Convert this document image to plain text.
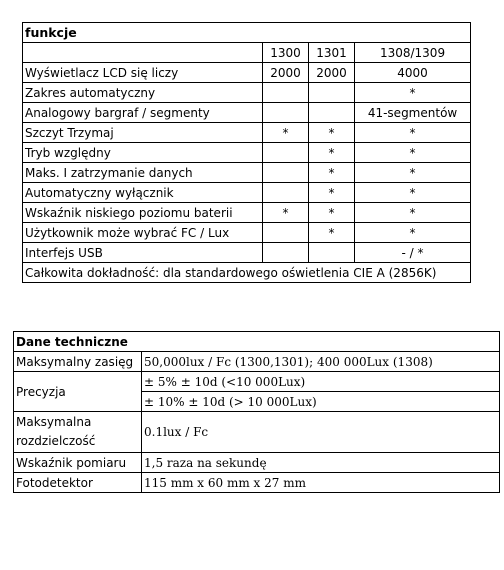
funkcje			
	1300	1301	1308/1309
Wyświetlacz LCD się liczy	2000	2000	4000
Zakres automatyczny			*
Analogowy bargraf / segmenty			41-segmentów
Szczyt Trzymaj	*	*	*
Tryb względny		*	*
Maks. I zatrzymanie danych		*	*
Automatyczny wyłącznik		*	*
Wskaźnik niskiego poziomu baterii	*	*	*
Użytkownik może wybrać FC / Lux		*	*
Interfejs USB			- / *
Całkowita dokładność: dla standardowego oświetlenia CIE A (2856K)			
Dane techniczne	
Maksymalny zasięg	50,000lux / Fc (1300,1301); 400 000Lux (1308)
Precyzja	± 5% ± 10d (<10 000Lux)
	± 10% ± 10d (> 10 000Lux)
Maksymalna rozdzielczość	0.1lux / Fc
Wskaźnik pomiaru	1,5 raza na sekundę
Fotodetektor	115 mm x 60 mm x 27 mm
